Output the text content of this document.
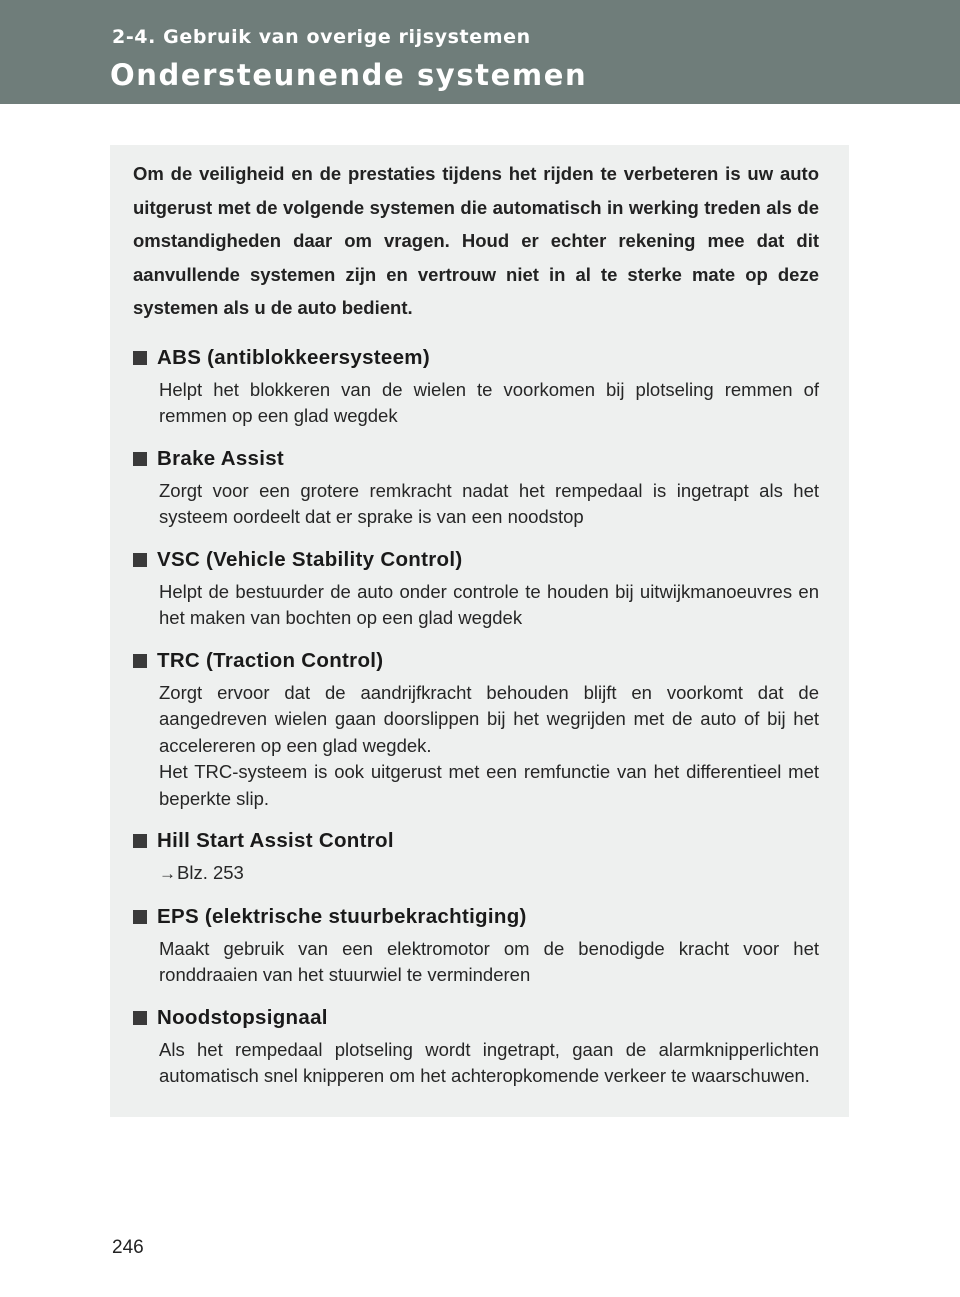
2-4. Gebruik van overige rijsystemen
Ondersteunende systemen

Om de veiligheid en de prestaties tijdens het rijden te verbeteren is uw auto uitgerust met de volgende systemen die automatisch in werking treden als de omstandigheden daar om vragen. Houd er echter rekening mee dat dit aanvullende systemen zijn en vertrouw niet in al te sterke mate op deze systemen als u de auto bedient.

ABS (antiblokkeersysteem)

Helpt het blokkeren van de wielen te voorkomen bij plotseling remmen of remmen op een glad wegdek

Brake Assist

Zorgt voor een grotere remkracht nadat het rempedaal is ingetrapt als het systeem oordeelt dat er sprake is van een noodstop

VSC (Vehicle Stability Control)

Helpt de bestuurder de auto onder controle te houden bij uitwijkmanoeuvres en het maken van bochten op een glad wegdek

TRC (Traction Control)

Zorgt ervoor dat de aandrijfkracht behouden blijft en voorkomt dat de aangedreven wielen gaan doorslippen bij het wegrijden met de auto of bij het accelereren op een glad wegdek.

Het TRC-systeem is ook uitgerust met een remfunctie van het differentieel met beperkte slip.

Hill Start Assist Control

→Blz. 253

EPS (elektrische stuurbekrachtiging)

Maakt gebruik van een elektromotor om de benodigde kracht voor het ronddraaien van het stuurwiel te verminderen

Noodstopsignaal

Als het rempedaal plotseling wordt ingetrapt, gaan de alarmknipperlichten automatisch snel knipperen om het achteropkomende verkeer te waarschuwen.

246
